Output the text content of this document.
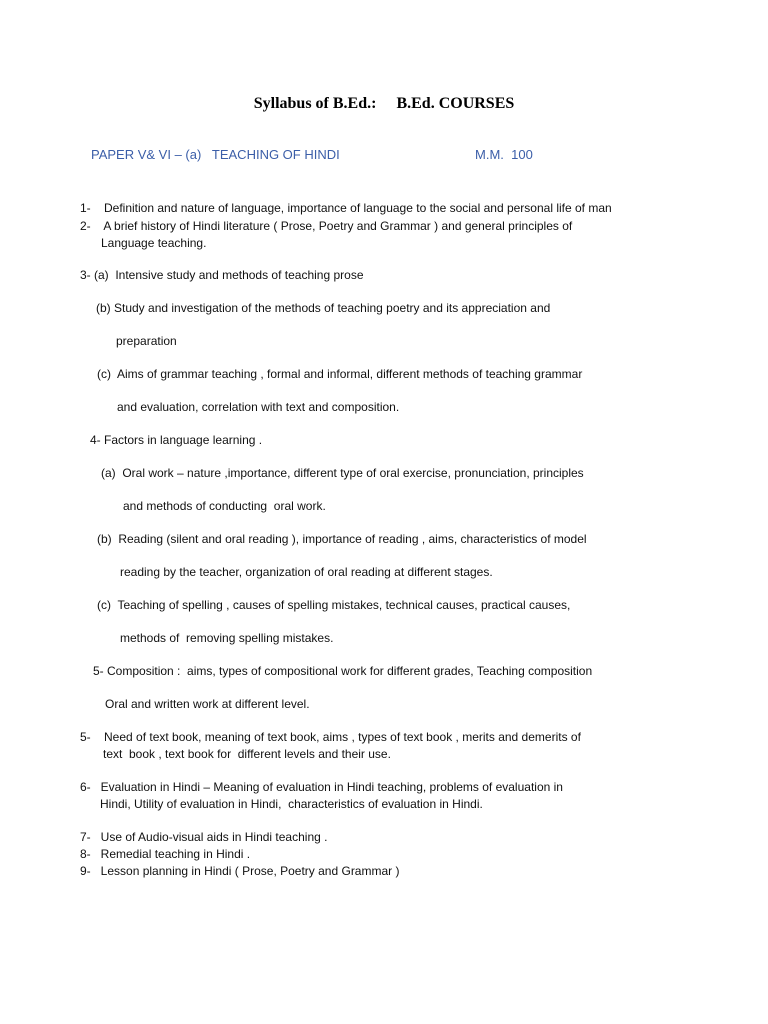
Syllabus of B.Ed.:     B.Ed. COURSES
PAPER V& VI – (a)   TEACHING OF HINDI	M.M.  100
1-    Definition and nature of language, importance of language to the social and personal life of man
2-    A brief history of Hindi literature ( Prose, Poetry and Grammar ) and general principles of
Language teaching.
3- (a)  Intensive study and methods of teaching prose
(b) Study and investigation of the methods of teaching poetry and its appreciation and
preparation
(c)  Aims of grammar teaching , formal and informal, different methods of teaching grammar
and evaluation, correlation with text and composition.
4- Factors in language learning .
(a)  Oral work – nature ,importance, different type of oral exercise, pronunciation, principles
and methods of conducting  oral work.
(b)  Reading (silent and oral reading ), importance of reading , aims, characteristics of model
reading by the teacher, organization of oral reading at different stages.
(c)  Teaching of spelling , causes of spelling mistakes, technical causes, practical causes,
methods of  removing spelling mistakes.
5- Composition :  aims, types of compositional work for different grades, Teaching composition
Oral and written work at different level.
5-    Need of text book, meaning of text book, aims , types of text book , merits and demerits of
text  book , text book for  different levels and their use.
6-   Evaluation in Hindi – Meaning of evaluation in Hindi teaching, problems of evaluation in
Hindi, Utility of evaluation in Hindi,  characteristics of evaluation in Hindi.
7-   Use of Audio-visual aids in Hindi teaching .
8-   Remedial teaching in Hindi .
9-   Lesson planning in Hindi ( Prose, Poetry and Grammar )
